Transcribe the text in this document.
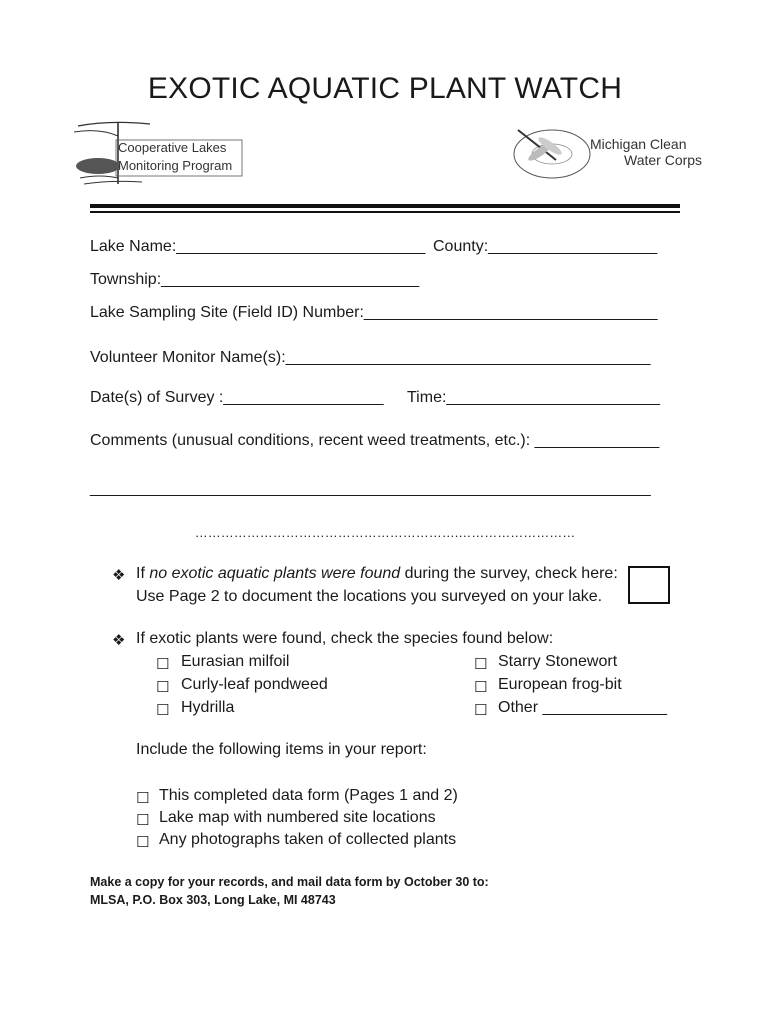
EXOTIC AQUATIC PLANT WATCH
Cooperative Lakes
Monitoring Program
Michigan Clean
Water Corps
Lake Name:____________________________ County:___________________
Township:_____________________________
Lake Sampling Site (Field ID) Number:_________________________________
Volunteer Monitor Name(s):_________________________________________
Date(s) of Survey :__________________ Time:________________________
Comments (unusual conditions, recent weed treatments, etc.): ______________
_______________________________________________________________
…………………………………………………….………………………
❖ If no exotic aquatic plants were found during the survey, check here:
Use Page 2 to document the locations you surveyed on your lake.
❖ If exotic plants were found, check the species found below:
☐ Eurasian milfoil
☐ Curly-leaf pondweed
☐ Hydrilla
☐ Starry Stonewort
☐ European frog-bit
☐ Other ______________
Include the following items in your report:
☐ This completed data form (Pages 1 and 2)
☐ Lake map with numbered site locations
☐ Any photographs taken of collected plants
Make a copy for your records, and mail data form by October 30 to:
MLSA, P.O. Box 303, Long Lake, MI 48743
